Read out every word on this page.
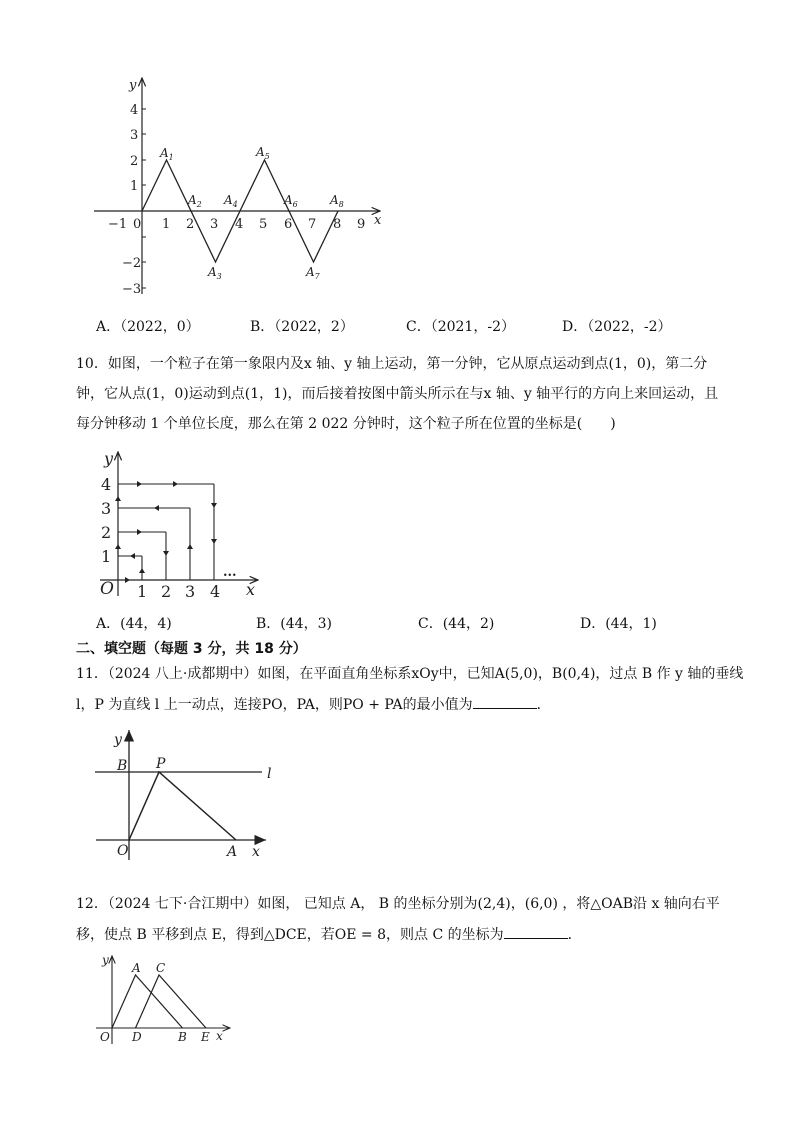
y
x
4
3
2
1
−2
−3
−1 0 1 2 3 4 5 6 7 8 9
$A_1$
$A_2$
$A_3$
$A_4$
$A_5$
$A_6$
$A_7$
$A_8$
A．（2022，0）	B．（2022，2）	C．（2021，-2）	D．（2022，-2）
10．如图，一个粒子在第一象限内及x 轴、y 轴上运动，第一分钟，它从原点运动到点(1，0)，第二分
钟，它从点(1，0)运动到点(1，1)，而后接着按图中箭头所示在与x 轴、y 轴平行的方向上来回运动，且
每分钟移动 1 个单位长度，那么在第 2 022 分钟时，这个粒子所在位置的坐标是(　　)
y
x
O 1 2 3 4
1
2
3
4
...
A．(44，4)	B．(44，3)	C．(44，2)	D．(44，1)
二、填空题（每题 3 分，共 18 分）
11．（2024 八上·成都期中）如图，在平面直角坐标系xOy中，已知A(5,0)，B(0,4)，过点 B 作 y 轴的垂线
l，P 为直线 l 上一动点，连接PO，PA，则PO + PA的最小值为	．
y
x
O	A
B P
l
12．（2024 七下·合江期中）如图， 已知点 A， B 的坐标分别为(2,4)，(6,0) ，将△OAB沿 x 轴向右平
移，使点 B 平移到点 E，得到△DCE，若OE = 8，则点 C 的坐标为	．
y
x
O
A C
D	B E
